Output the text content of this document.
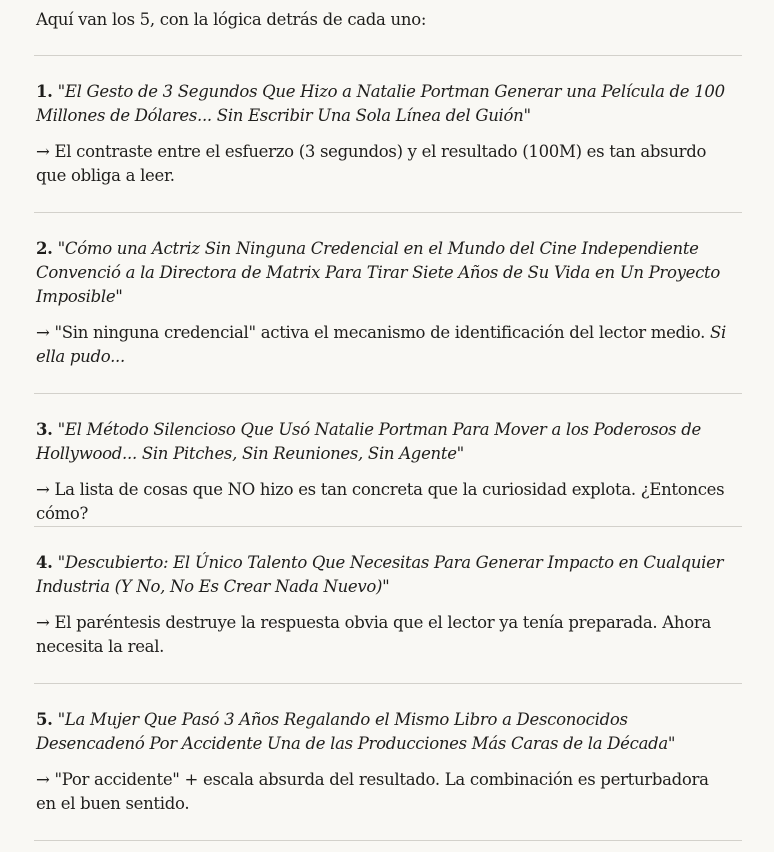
Aquí van los 5, con la lógica detrás de cada uno:
1. "El Gesto de 3 Segundos Que Hizo a Natalie Portman Generar una Película de 100 Millones de Dólares... Sin Escribir Una Sola Línea del Guión"
→ El contraste entre el esfuerzo (3 segundos) y el resultado (100M) es tan absurdo que obliga a leer.
2. "Cómo una Actriz Sin Ninguna Credencial en el Mundo del Cine Independiente Convenció a la Directora de Matrix Para Tirar Siete Años de Su Vida en Un Proyecto Imposible"
→ "Sin ninguna credencial" activa el mecanismo de identificación del lector medio. Si ella pudo...
3. "El Método Silencioso Que Usó Natalie Portman Para Mover a los Poderosos de Hollywood... Sin Pitches, Sin Reuniones, Sin Agente"
→ La lista de cosas que NO hizo es tan concreta que la curiosidad explota. ¿Entonces cómo?
4. "Descubierto: El Único Talento Que Necesitas Para Generar Impacto en Cualquier Industria (Y No, No Es Crear Nada Nuevo)"
→ El paréntesis destruye la respuesta obvia que el lector ya tenía preparada. Ahora necesita la real.
5. "La Mujer Que Pasó 3 Años Regalando el Mismo Libro a Desconocidos Desencadenó Por Accidente Una de las Producciones Más Caras de la Década"
→ "Por accidente" + escala absurda del resultado. La combinación es perturbadora en el buen sentido.
